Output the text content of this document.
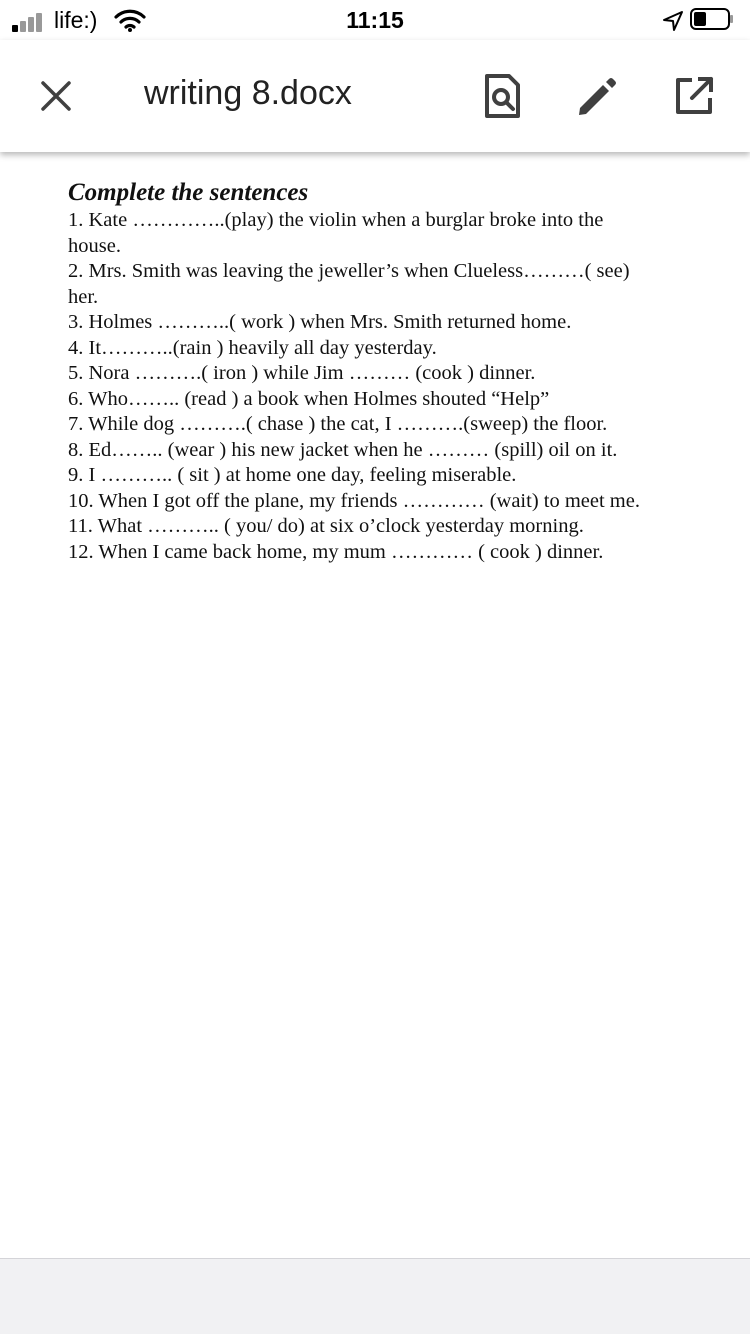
life:)	11:15
writing 8.docx
Complete the sentences
1. Kate …………..(play) the violin when a burglar broke into the
house.
2. Mrs. Smith was leaving the jeweller’s when Clueless………( see)
her.
3. Holmes ………..( work ) when Mrs. Smith returned home.
4. It………..(rain ) heavily all day yesterday.
5. Nora ……….( iron ) while Jim ……… (cook ) dinner.
6. Who…….. (read ) a book when Holmes shouted “Help”
7. While dog ……….( chase ) the cat, I ……….(sweep) the floor.
8. Ed…….. (wear ) his new jacket when he ……… (spill) oil on it.
9. I ……….. ( sit ) at home one day, feeling miserable.
10. When I got off the plane, my friends ………… (wait) to meet me.
11. What ……….. ( you/ do) at six o’clock yesterday morning.
12. When I came back home, my mum ………… ( cook ) dinner.
